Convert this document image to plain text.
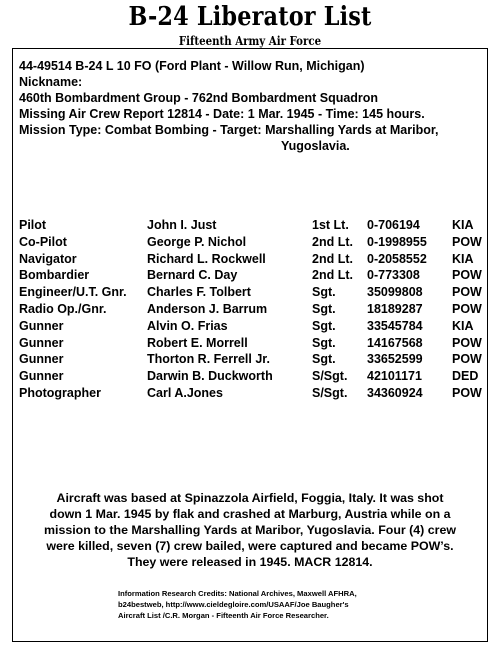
B-24 Liberator List
Fifteenth Army Air Force
44-49514 B-24 L 10 FO (Ford Plant - Willow Run, Michigan)
Nickname:
460th Bombardment Group - 762nd Bombardment Squadron
Missing Air Crew Report 12814 - Date: 1 Mar. 1945 - Time: 145 hours.
Mission Type: Combat Bombing - Target: Marshalling Yards at Maribor,
Yugoslavia.
Pilot	John I. Just	1st Lt.	0-706194	KIA
Co-Pilot	George P. Nichol	2nd Lt.	0-1998955	POW
Navigator	Richard L. Rockwell	2nd Lt.	0-2058552	KIA
Bombardier	Bernard C. Day	2nd Lt.	0-773308	POW
Engineer/U.T. Gnr.	Charles F. Tolbert	Sgt.	35099808	POW
Radio Op./Gnr.	Anderson J. Barrum	Sgt.	18189287	POW
Gunner	Alvin O. Frias	Sgt.	33545784	KIA
Gunner	Robert E. Morrell	Sgt.	14167568	POW
Gunner	Thorton R. Ferrell Jr.	Sgt.	33652599	POW
Gunner	Darwin B. Duckworth	S/Sgt.	42101171	DED
Photographer	Carl A.Jones	S/Sgt.	34360924	POW
Aircraft was based at Spinazzola Airfield, Foggia, Italy. It was shot
down 1 Mar. 1945 by flak and crashed at Marburg, Austria while on a
mission to the Marshalling Yards at Maribor, Yugoslavia. Four (4) crew
were killed, seven (7) crew bailed, were captured and became POW’s.
They were released in 1945. MACR 12814.
Information Research Credits: National Archives, Maxwell AFHRA,
b24bestweb, http://www.cieldegloire.com/USAAF/Joe Baugher's
Aircraft List /C.R. Morgan - Fifteenth Air Force Researcher.
